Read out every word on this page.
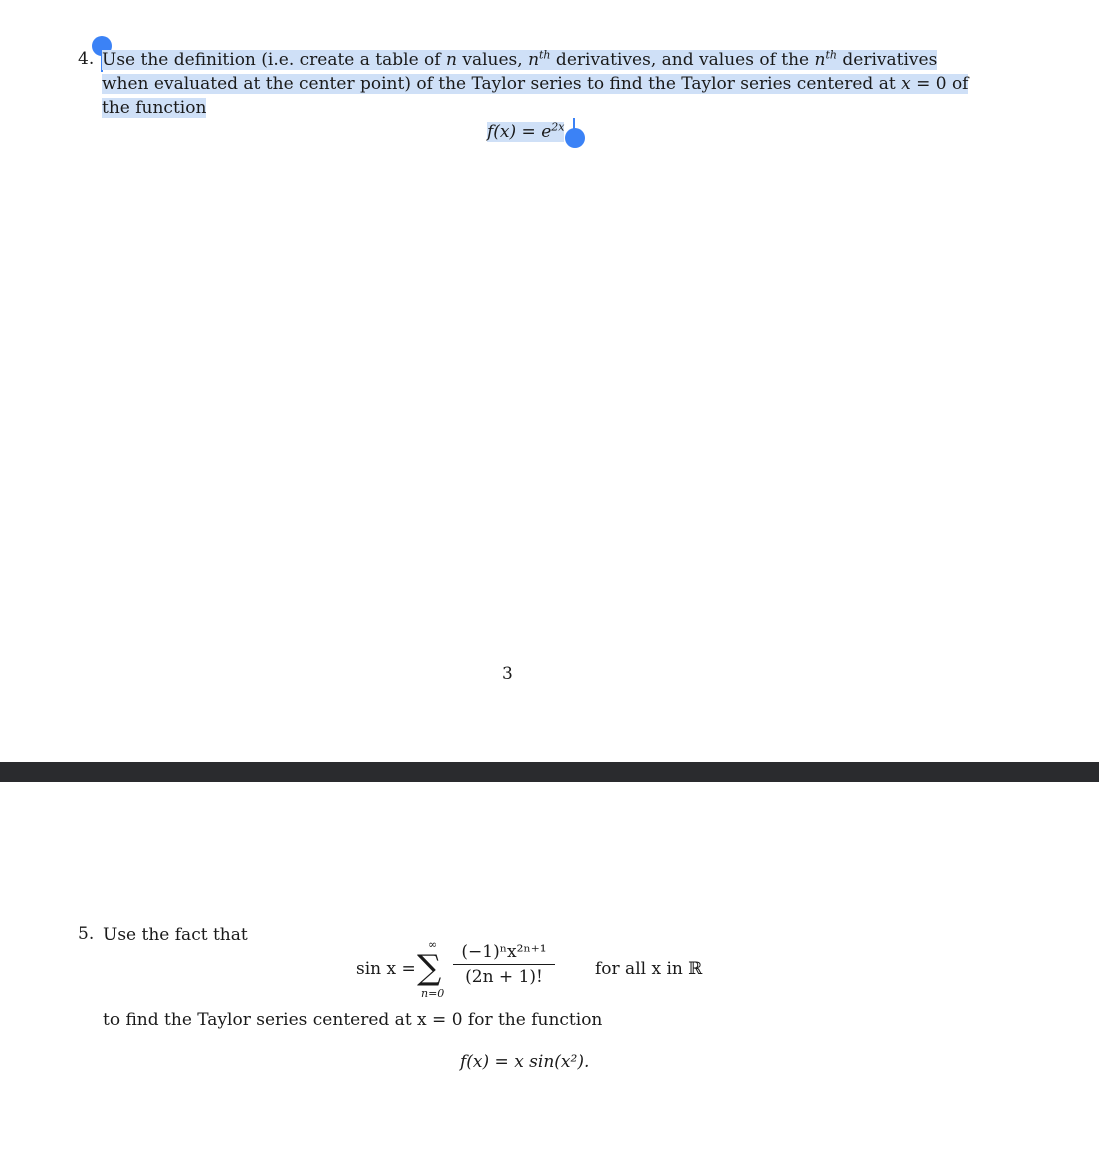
4. Use the definition (i.e. create a table of n values, $n^{th}$ derivatives, and values of the $n^{th}$ derivatives
when evaluated at the center point) of the Taylor series to find the Taylor series centered at x = 0 of
the function
$f(x) = e^{2x}$
3
5. Use the fact that
sin x =
∞
∑
n=0
(−1)ⁿx²ⁿ⁺¹
(2n + 1)!	for all x in ℝ
to find the Taylor series centered at x = 0 for the function
f(x) = x sin(x²).
